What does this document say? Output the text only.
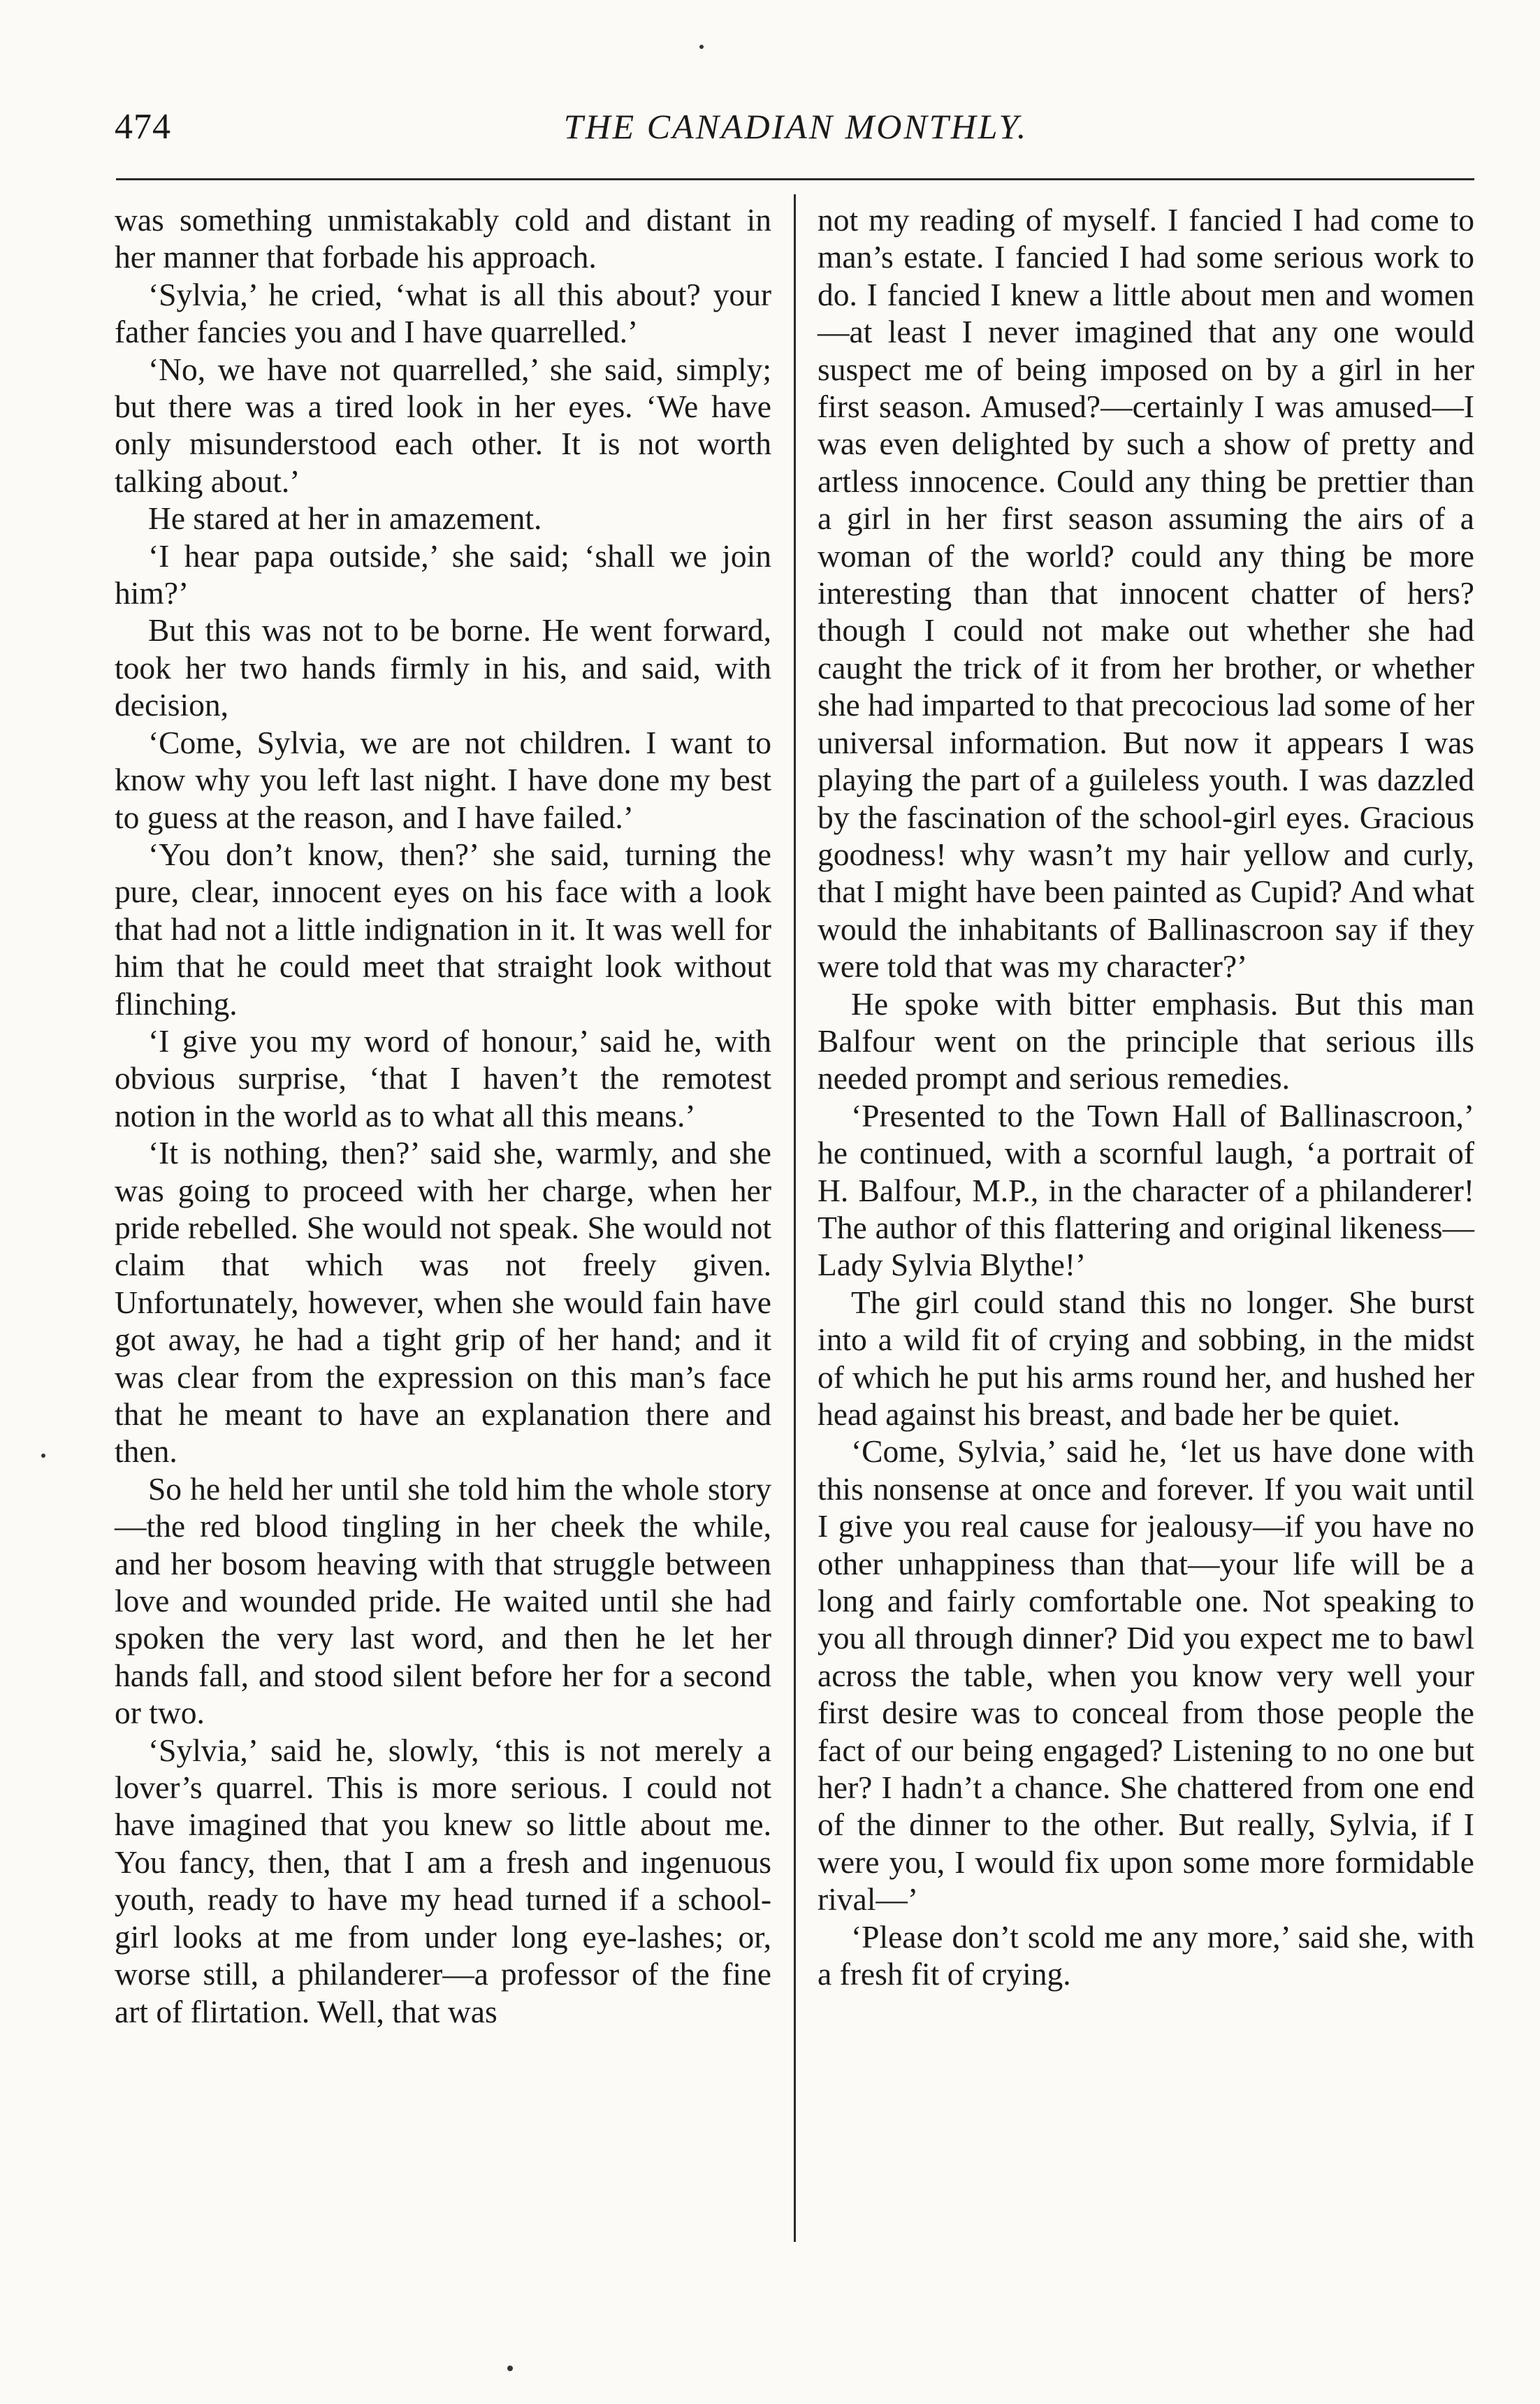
474	THE CANADIAN MONTHLY.

was something unmistakably cold and distant in her manner that forbade his approach.

‘Sylvia,’ he cried, ‘what is all this about? your father fancies you and I have quarrelled.’

‘No, we have not quarrelled,’ she said, simply; but there was a tired look in her eyes. ‘We have only misunderstood each other. It is not worth talking about.’

He stared at her in amazement.

‘I hear papa outside,’ she said; ‘shall we join him?’

But this was not to be borne. He went forward, took her two hands firmly in his, and said, with decision,

‘Come, Sylvia, we are not children. I want to know why you left last night. I have done my best to guess at the reason, and I have failed.’

‘You don’t know, then?’ she said, turning the pure, clear, innocent eyes on his face with a look that had not a little indignation in it. It was well for him that he could meet that straight look without flinching.

‘I give you my word of honour,’ said he, with obvious surprise, ‘that I haven’t the remotest notion in the world as to what all this means.’

‘It is nothing, then?’ said she, warmly, and she was going to proceed with her charge, when her pride rebelled. She would not speak. She would not claim that which was not freely given. Unfortunately, however, when she would fain have got away, he had a tight grip of her hand; and it was clear from the expression on this man’s face that he meant to have an explanation there and then.

So he held her until she told him the whole story—the red blood tingling in her cheek the while, and her bosom heaving with that struggle between love and wounded pride. He waited until she had spoken the very last word, and then he let her hands fall, and stood silent before her for a second or two.

‘Sylvia,’ said he, slowly, ‘this is not merely a lover’s quarrel. This is more serious. I could not have imagined that you knew so little about me. You fancy, then, that I am a fresh and ingenuous youth, ready to have my head turned if a school-girl looks at me from under long eye-lashes; or, worse still, a philanderer—a professor of the fine art of flirtation. Well, that was

not my reading of myself. I fancied I had come to man’s estate. I fancied I had some serious work to do. I fancied I knew a little about men and women—at least I never imagined that any one would suspect me of being imposed on by a girl in her first season. Amused?—certainly I was amused—I was even delighted by such a show of pretty and artless innocence. Could any thing be prettier than a girl in her first season assuming the airs of a woman of the world? could any thing be more interesting than that innocent chatter of hers? though I could not make out whether she had caught the trick of it from her brother, or whether she had imparted to that precocious lad some of her universal information. But now it appears I was playing the part of a guileless youth. I was dazzled by the fascination of the school-girl eyes. Gracious goodness! why wasn’t my hair yellow and curly, that I might have been painted as Cupid? And what would the inhabitants of Ballinascroon say if they were told that was my character?’

He spoke with bitter emphasis. But this man Balfour went on the principle that serious ills needed prompt and serious remedies.

‘Presented to the Town Hall of Ballinascroon,’ he continued, with a scornful laugh, ‘a portrait of H. Balfour, M.P., in the character of a philanderer! The author of this flattering and original likeness—Lady Sylvia Blythe!’

The girl could stand this no longer. She burst into a wild fit of crying and sobbing, in the midst of which he put his arms round her, and hushed her head against his breast, and bade her be quiet.

‘Come, Sylvia,’ said he, ‘let us have done with this nonsense at once and forever. If you wait until I give you real cause for jealousy—if you have no other unhappiness than that—your life will be a long and fairly comfortable one. Not speaking to you all through dinner? Did you expect me to bawl across the table, when you know very well your first desire was to conceal from those people the fact of our being engaged? Listening to no one but her? I hadn’t a chance. She chattered from one end of the dinner to the other. But really, Sylvia, if I were you, I would fix upon some more formidable rival—’

‘Please don’t scold me any more,’ said she, with a fresh fit of crying.
